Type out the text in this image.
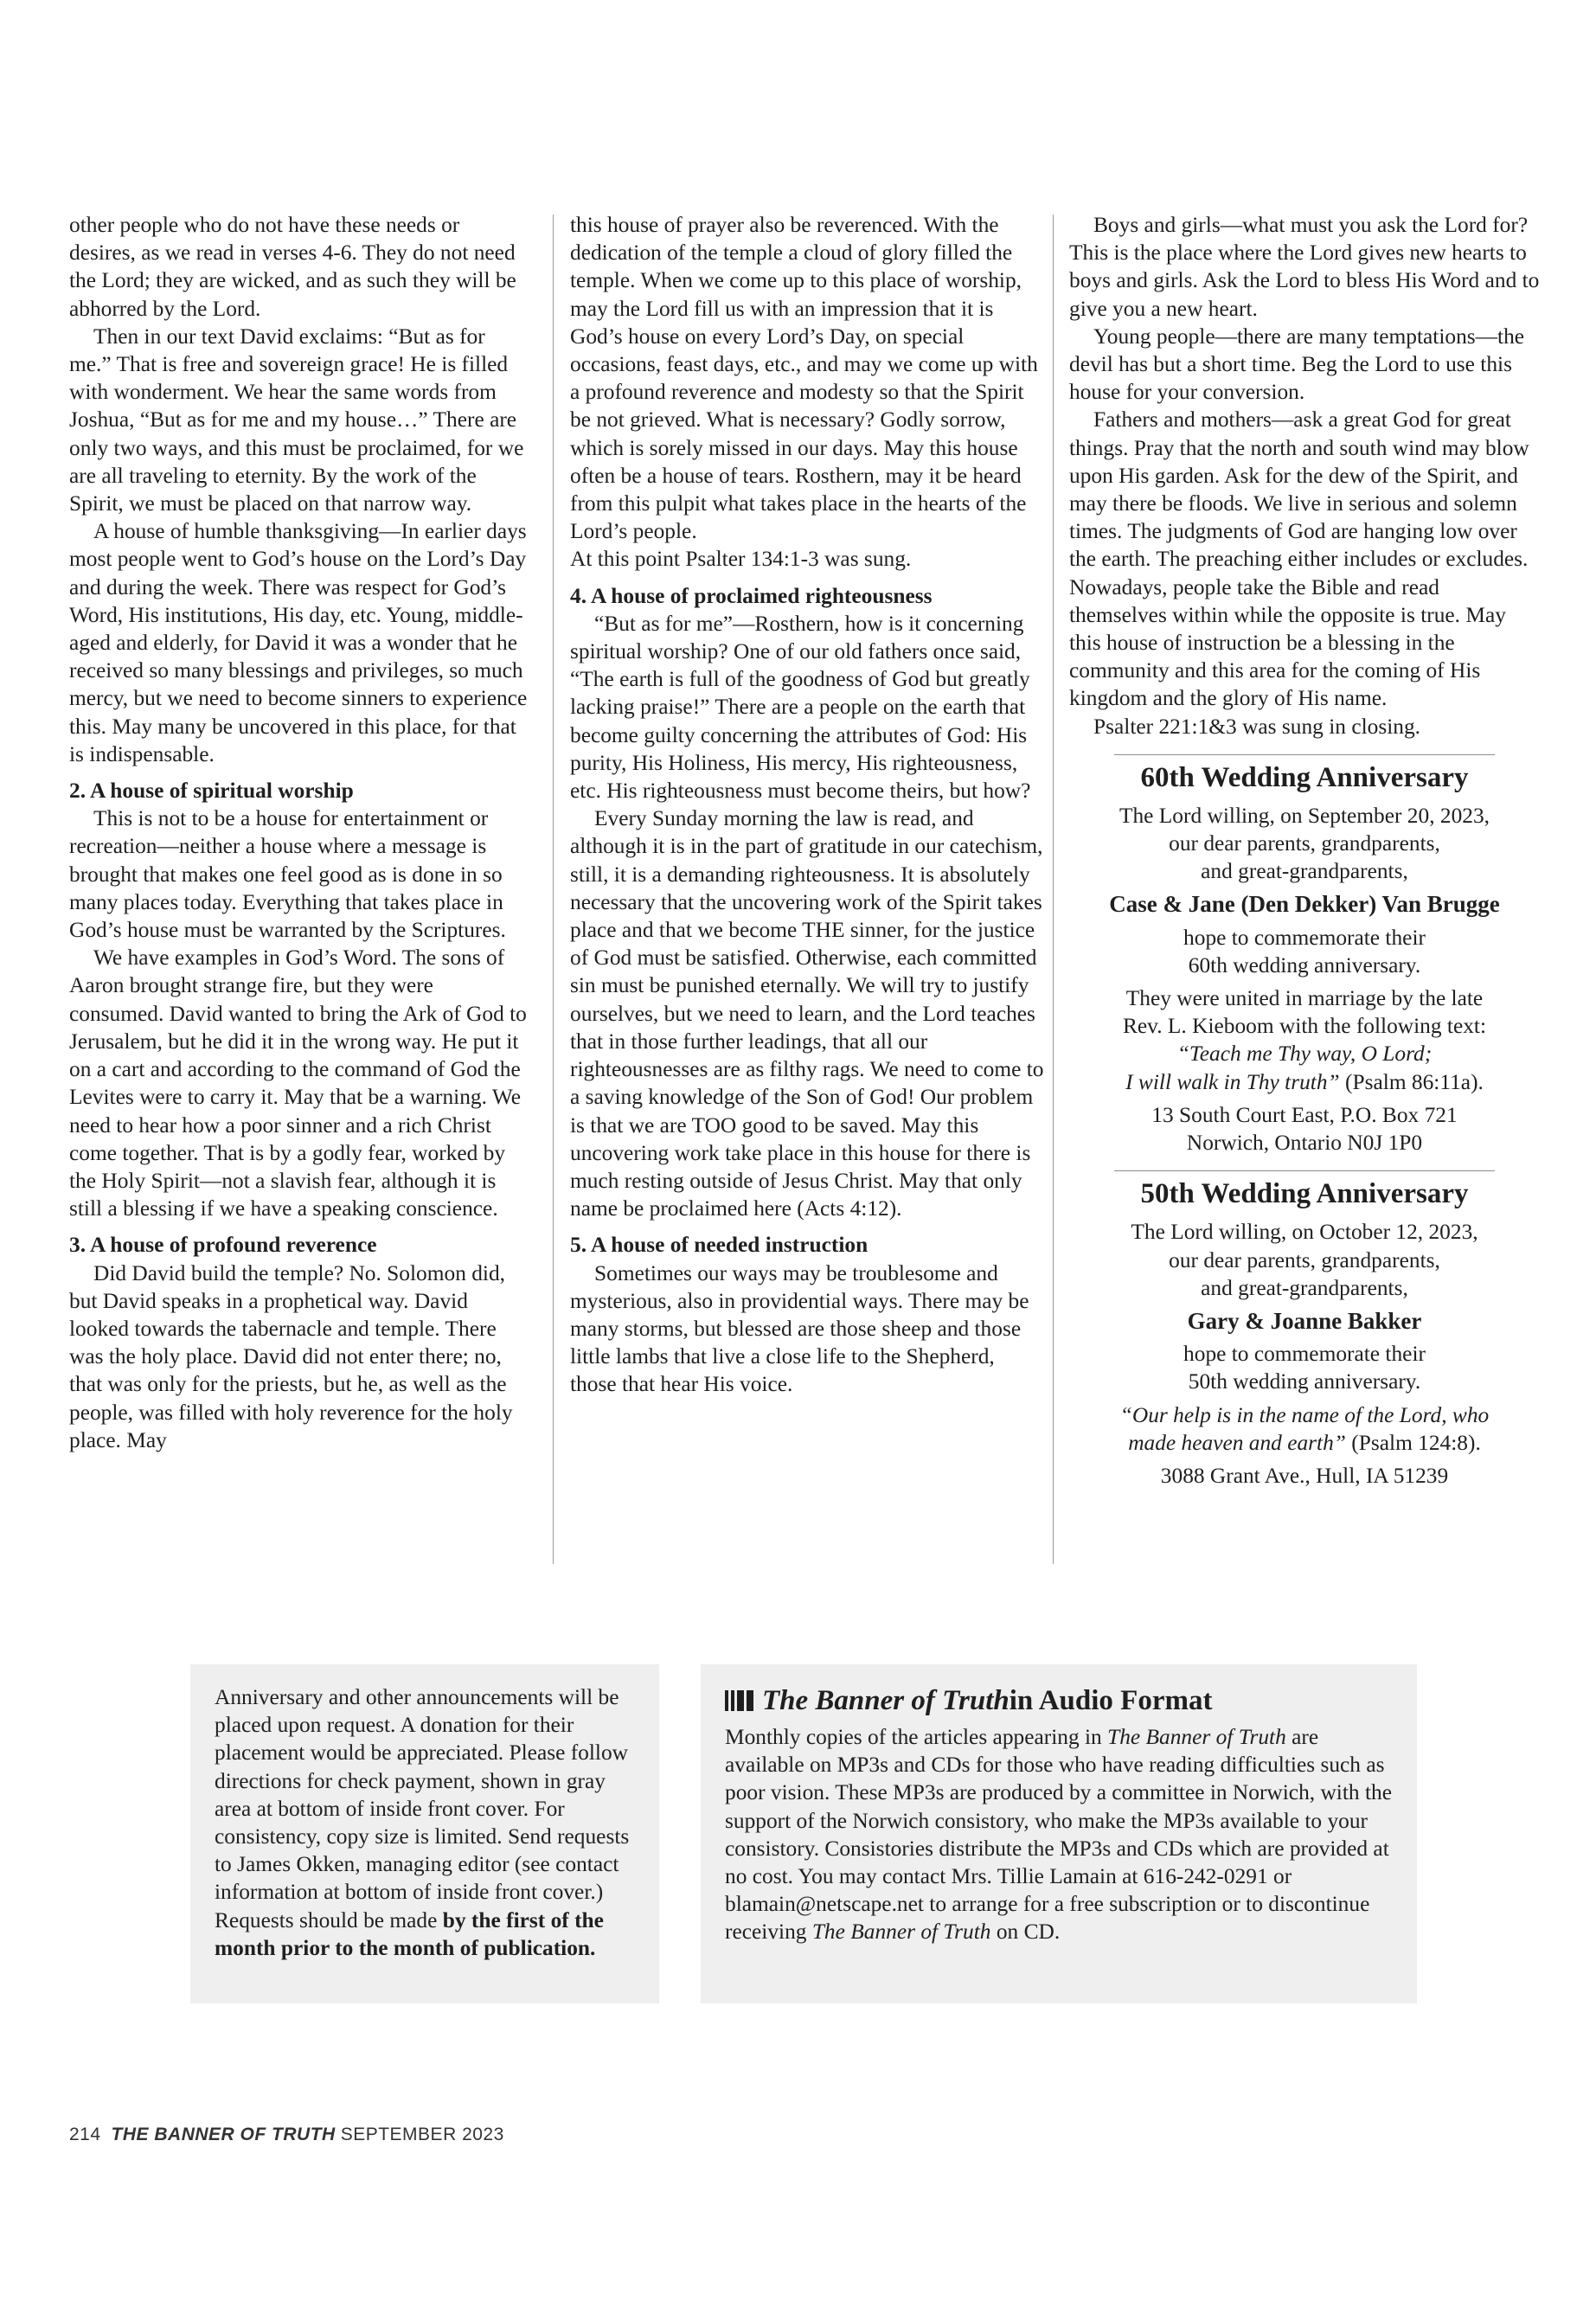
other people who do not have these needs or desires, as we read in verses 4-6. They do not need the Lord; they are wicked, and as such they will be abhorred by the Lord.

Then in our text David exclaims: “But as for me.” That is free and sovereign grace! He is filled with wonderment. We hear the same words from Joshua, “But as for me and my house…” There are only two ways, and this must be proclaimed, for we are all traveling to eternity. By the work of the Spirit, we must be placed on that narrow way.

A house of humble thanksgiving—In earlier days most people went to God’s house on the Lord’s Day and during the week. There was respect for God’s Word, His institutions, His day, etc. Young, middle- aged and elderly, for David it was a wonder that he received so many blessings and privileges, so much mercy, but we need to become sinners to experience this. May many be uncovered in this place, for that is indispensable.

2. A house of spiritual worship

This is not to be a house for entertainment or recreation—neither a house where a message is brought that makes one feel good as is done in so many places today. Everything that takes place in God’s house must be warranted by the Scriptures.

We have examples in God’s Word. The sons of Aaron brought strange fire, but they were consumed. David wanted to bring the Ark of God to Jerusalem, but he did it in the wrong way. He put it on a cart and according to the command of God the Levites were to carry it. May that be a warning. We need to hear how a poor sinner and a rich Christ come together. That is by a godly fear, worked by the Holy Spirit—not a slavish fear, although it is still a blessing if we have a speaking conscience.

3. A house of profound reverence

Did David build the temple? No. Solomon did, but David speaks in a prophetical way. David looked towards the tabernacle and temple. There was the holy place. David did not enter there; no, that was only for the priests, but he, as well as the people, was filled with holy reverence for the holy place. May

this house of prayer also be reverenced. With the dedication of the temple a cloud of glory filled the temple. When we come up to this place of worship, may the Lord fill us with an impression that it is God’s house on every Lord’s Day, on special occasions, feast days, etc., and may we come up with a profound reverence and modesty so that the Spirit be not grieved. What is necessary? Godly sorrow, which is sorely missed in our days. May this house often be a house of tears. Rosthern, may it be heard from this pulpit what takes place in the hearts of the Lord’s people.

At this point Psalter 134:1-3 was sung.

4. A house of proclaimed righteousness

“But as for me”—Rosthern, how is it concerning spiritual worship? One of our old fathers once said, “The earth is full of the goodness of God but greatly lacking praise!” There are a people on the earth that become guilty concerning the attributes of God: His purity, His Holiness, His mercy, His righteousness, etc. His righteousness must become theirs, but how?

Every Sunday morning the law is read, and although it is in the part of gratitude in our catechism, still, it is a demanding righteousness. It is absolutely necessary that the uncovering work of the Spirit takes place and that we become THE sinner, for the justice of God must be satisfied. Otherwise, each committed sin must be punished eternally. We will try to justify ourselves, but we need to learn, and the Lord teaches that in those further leadings, that all our righteousnesses are as filthy rags. We need to come to a saving knowledge of the Son of God! Our problem is that we are TOO good to be saved. May this uncovering work take place in this house for there is much resting outside of Jesus Christ. May that only name be proclaimed here (Acts 4:12).

5. A house of needed instruction

Sometimes our ways may be troublesome and mysterious, also in providential ways. There may be many storms, but blessed are those sheep and those little lambs that live a close life to the Shepherd, those that hear His voice.

Boys and girls—what must you ask the Lord for? This is the place where the Lord gives new hearts to boys and girls. Ask the Lord to bless His Word and to give you a new heart.

Young people—there are many temptations—the devil has but a short time. Beg the Lord to use this house for your conversion.

Fathers and mothers—ask a great God for great things. Pray that the north and south wind may blow upon His garden. Ask for the dew of the Spirit, and may there be floods. We live in serious and solemn times. The judgments of God are hanging low over the earth. The preaching either includes or excludes. Nowadays, people take the Bible and read themselves within while the opposite is true. May this house of instruction be a blessing in the community and this area for the coming of His kingdom and the glory of His name.

Psalter 221:1&3 was sung in closing.

60th Wedding Anniversary

The Lord willing, on September 20, 2023,

our dear parents, grandparents,

and great-grandparents,

Case & Jane (Den Dekker) Van Brugge

hope to commemorate their

60th wedding anniversary.

They were united in marriage by the late

Rev. L. Kieboom with the following text:

“Teach me Thy way, O Lord;

I will walk in Thy truth” (Psalm 86:11a).

13 South Court East, P.O. Box 721

Norwich, Ontario N0J 1P0

50th Wedding Anniversary

The Lord willing, on October 12, 2023,

our dear parents, grandparents,

and great-grandparents,

Gary & Joanne Bakker

hope to commemorate their

50th wedding anniversary.

“Our help is in the name of the Lord, who

made heaven and earth” (Psalm 124:8).

3088 Grant Ave., Hull, IA 51239

Anniversary and other announcements will be placed upon request. A donation for their placement would be appreciated. Please follow directions for check payment, shown in gray area at bottom of inside front cover. For consistency, copy size is limited. Send requests to James Okken, managing editor (see contact information at bottom of inside front cover.) Requests should be made by the first of the month prior to the month of publication.

The Banner of Truth in Audio Format

Monthly copies of the articles appearing in The Banner of Truth are available on MP3s and CDs for those who have reading difficulties such as poor vision. These MP3s are produced by a committee in Norwich, with the support of the Norwich consistory, who make the MP3s available to your consistory. Consistories distribute the MP3s and CDs which are provided at no cost. You may contact Mrs. Tillie Lamain at 616-242-0291 or blamain@netscape.net to arrange for a free subscription or to discontinue receiving The Banner of Truth on CD.

214 THE BANNER OF TRUTH SEPTEMBER 2023
